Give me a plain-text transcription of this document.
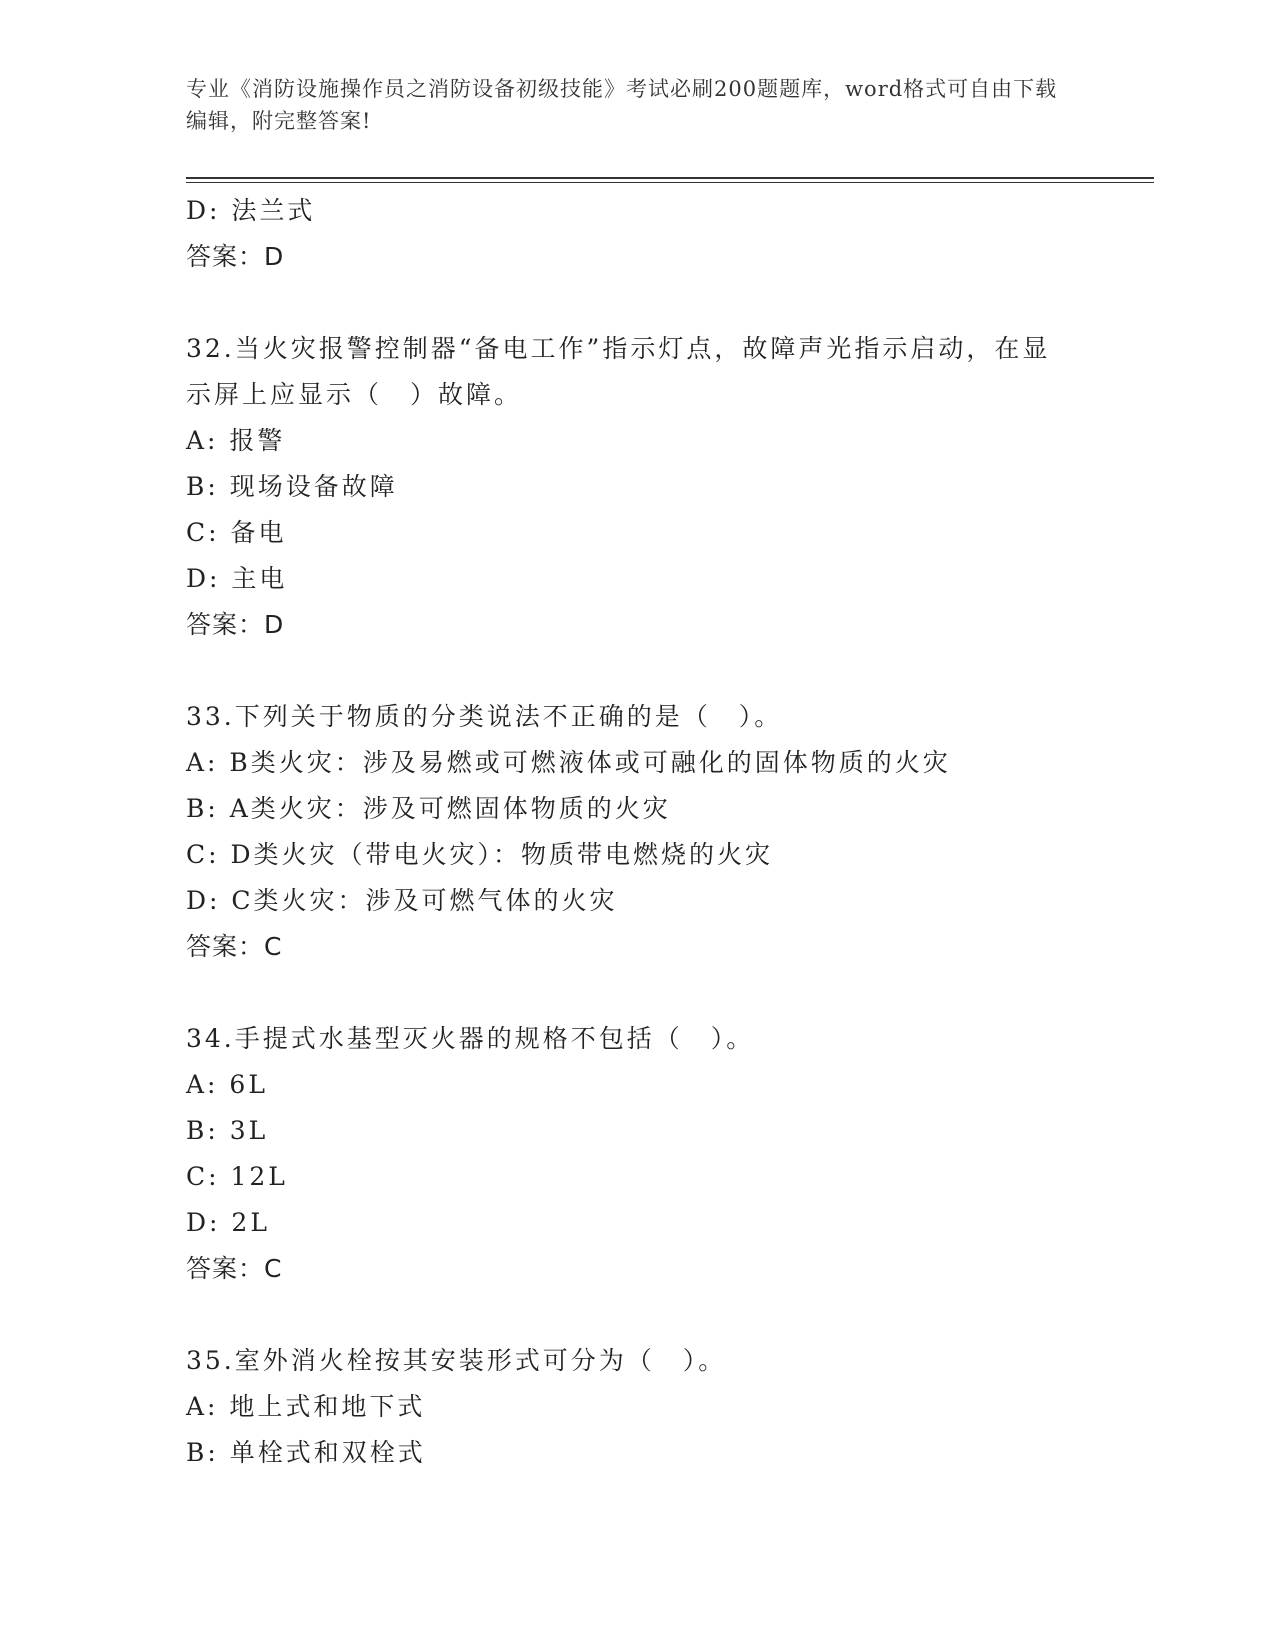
专业《消防设施操作员之消防设备初级技能》考试必刷200题题库，word格式可自由下载编辑，附完整答案!
D: 法兰式
答案：D
32.当火灾报警控制器“备电工作”指示灯点，故障声光指示启动，在显示屏上应显示（　）故障。
A: 报警
B: 现场设备故障
C: 备电
D: 主电
答案：D
33.下列关于物质的分类说法不正确的是（　）。
A: B类火灾：涉及易燃或可燃液体或可融化的固体物质的火灾
B: A类火灾：涉及可燃固体物质的火灾
C: D类火灾（带电火灾）：物质带电燃烧的火灾
D: C类火灾：涉及可燃气体的火灾
答案：C
34.手提式水基型灭火器的规格不包括（　）。
A: 6L
B: 3L
C: 12L
D: 2L
答案：C
35.室外消火栓按其安装形式可分为（　）。
A: 地上式和地下式
B: 单栓式和双栓式
